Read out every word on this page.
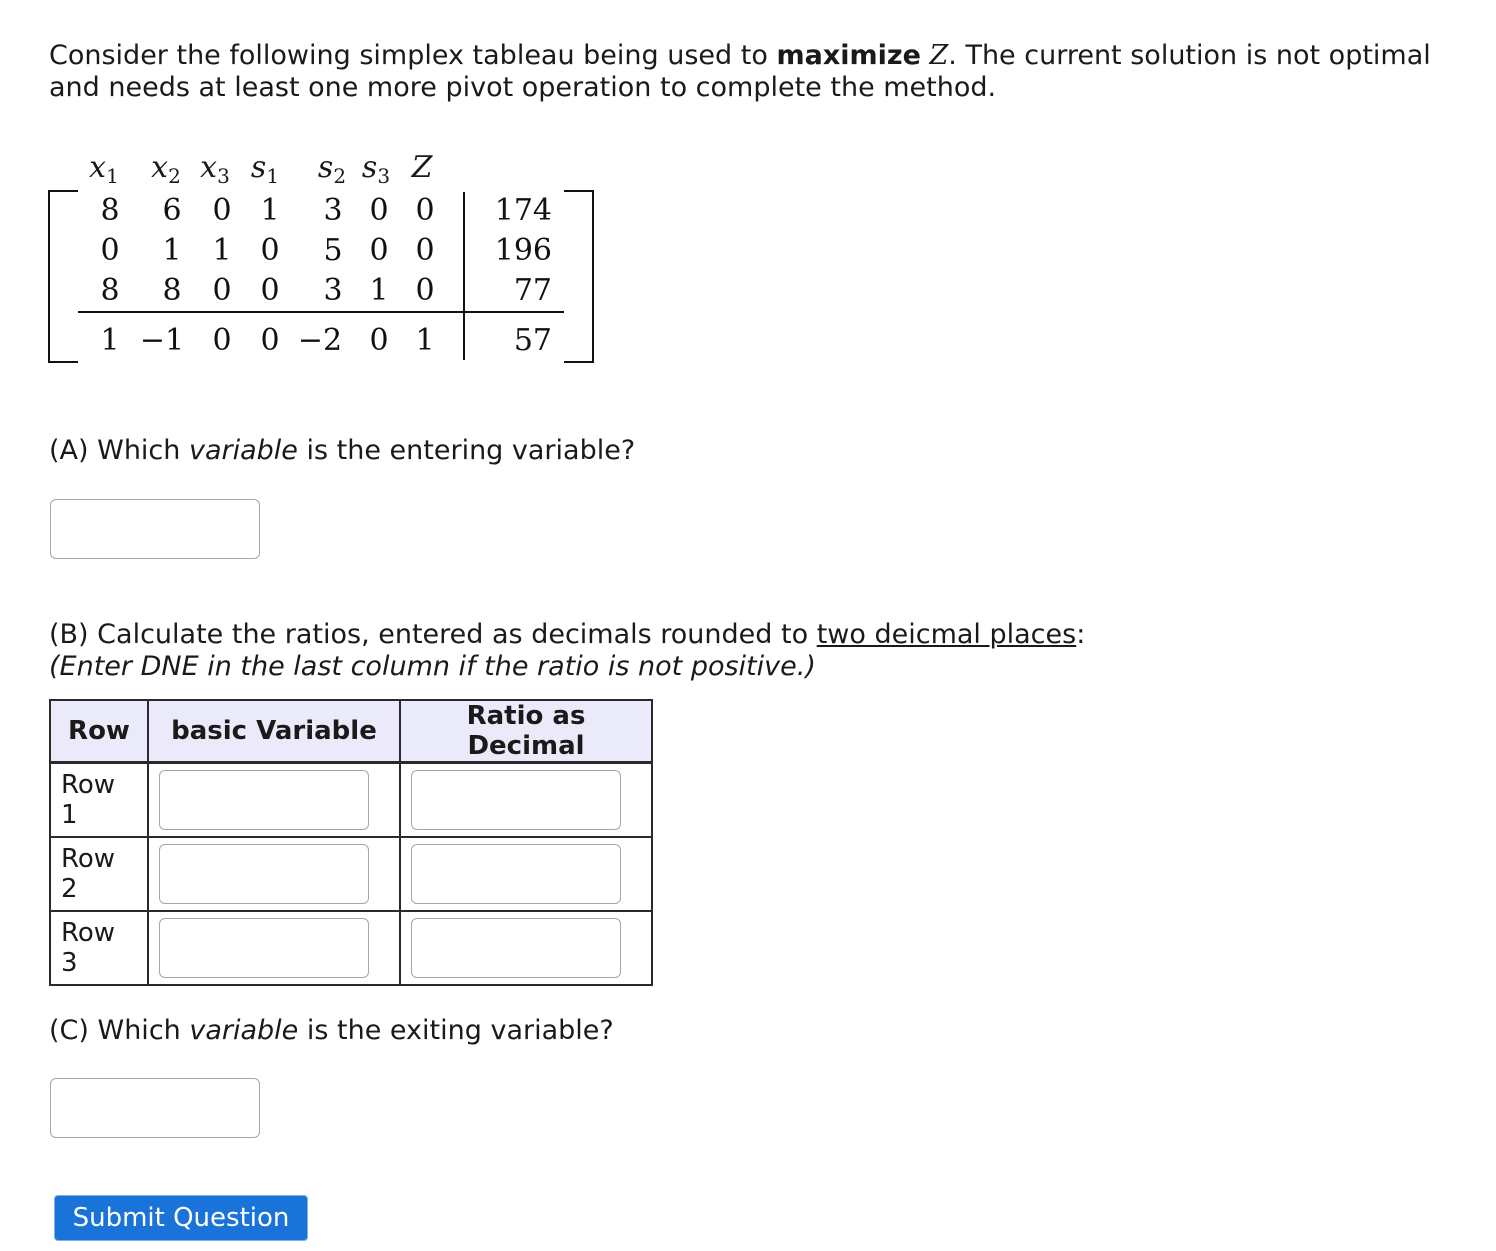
Consider the following simplex tableau being used to maximize Z. The current solution is not optimal and needs at least one more pivot operation to complete the method.
$x_1$ $x_2$ $x_3$ $s_1$ $s_2$ $s_3$ Z
8 6 0 1 3 0 0 174
0 1 1 0 5 0 0 196
8 8 0 0 3 1 0	77
1 −1 0 0 −2 0 1	57
(A) Which variable is the entering variable?
(B) Calculate the ratios, entered as decimals rounded to two deicmal places:
(Enter DNE in the last column if the ratio is not positive.)
Row	basic Variable	Ratio as Decimal
Row 1	

Row 2	

Row 3	

(C) Which variable is the exiting variable?
Submit Question
